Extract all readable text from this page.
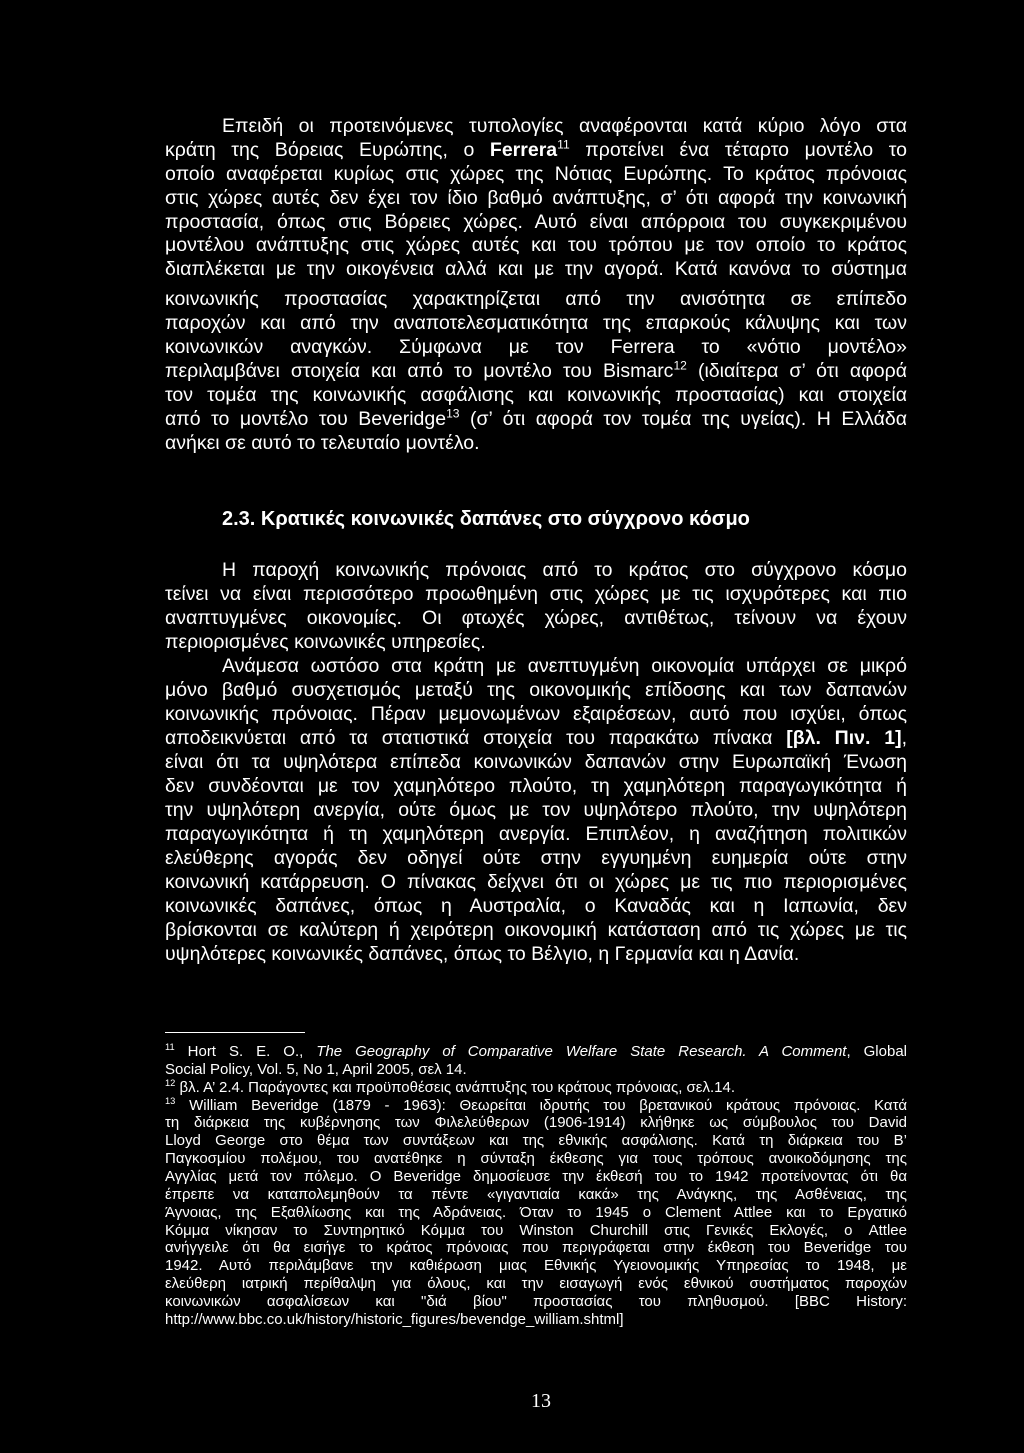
Επειδή οι προτεινόμενες τυπολογίες αναφέρονται κατά κύριο λόγο στα
κράτη της Βόρειας Ευρώπης, ο Ferrera$^{11}$ προτείνει ένα τέταρτο μοντέλο το
οποίο αναφέρεται κυρίως στις χώρες της Νότιας Ευρώπης. Το κράτος πρόνοιας
στις χώρες αυτές δεν έχει τον ίδιο βαθμό ανάπτυξης, σ’ ότι αφορά την κοινωνική
προστασία, όπως στις Βόρειες χώρες. Αυτό είναι απόρροια του συγκεκριμένου
μοντέλου ανάπτυξης στις χώρες αυτές και του τρόπου με τον οποίο το κράτος
διαπλέκεται με την οικογένεια αλλά και με την αγορά. Κατά κανόνα το σύστημα
κοινωνικής προστασίας χαρακτηρίζεται από την ανισότητα σε επίπεδο
παροχών και από την αναποτελεσματικότητα της επαρκούς κάλυψης και των
κοινωνικών αναγκών. Σύμφωνα με τον Ferrera το «νότιο μοντέλο»
περιλαμβάνει στοιχεία και από το μοντέλο του Bismarc$^{12}$ (ιδιαίτερα σ’ ότι αφορά
τον τομέα της κοινωνικής ασφάλισης και κοινωνικής προστασίας) και στοιχεία
από το μοντέλο του Beveridge$^{13}$ (σ’ ότι αφορά τον τομέα της υγείας). Η Ελλάδα
ανήκει σε αυτό το τελευταίο μοντέλο.
2.3. Κρατικές κοινωνικές δαπάνες στο σύγχρονο κόσμο
Η παροχή κοινωνικής πρόνοιας από το κράτος στο σύγχρονο κόσμο
τείνει να είναι περισσότερο προωθημένη στις χώρες με τις ισχυρότερες και πιο
αναπτυγμένες οικονομίες. Οι φτωχές χώρες, αντιθέτως, τείνουν να έχουν
περιορισμένες κοινωνικές υπηρεσίες.
Ανάμεσα ωστόσο στα κράτη με ανεπτυγμένη οικονομία υπάρχει σε μικρό
μόνο βαθμό συσχετισμός μεταξύ της οικονομικής επίδοσης και των δαπανών
κοινωνικής πρόνοιας. Πέραν μεμονωμένων εξαιρέσεων, αυτό που ισχύει, όπως
αποδεικνύεται από τα στατιστικά στοιχεία του παρακάτω πίνακα [βλ. Πιν. 1],
είναι ότι τα υψηλότερα επίπεδα κοινωνικών δαπανών στην Ευρωπαϊκή Ένωση
δεν συνδέονται με τον χαμηλότερο πλούτο, τη χαμηλότερη παραγωγικότητα ή
την υψηλότερη ανεργία, ούτε όμως με τον υψηλότερο πλούτο, την υψηλότερη
παραγωγικότητα ή τη χαμηλότερη ανεργία. Επιπλέον, η αναζήτηση πολιτικών
ελεύθερης αγοράς δεν οδηγεί ούτε στην εγγυημένη ευημερία ούτε στην
κοινωνική κατάρρευση. Ο πίνακας δείχνει ότι οι χώρες με τις πιο περιορισμένες
κοινωνικές δαπάνες, όπως η Αυστραλία, ο Καναδάς και η Ιαπωνία, δεν
βρίσκονται σε καλύτερη ή χειρότερη οικονομική κατάσταση από τις χώρες με τις
υψηλότερες κοινωνικές δαπάνες, όπως το Βέλγιο, η Γερμανία και η Δανία.
$^{11}$ Hort S. E. O., The Geography of Comparative Welfare State Research. A Comment, Global
Social Policy, Vol. 5, No 1, April 2005, σελ 14.
$^{12}$ βλ. Α’ 2.4. Παράγοντες και προϋποθέσεις ανάπτυξης του κράτους πρόνοιας, σελ.14.
$^{13}$ William Beveridge (1879 - 1963): Θεωρείται ιδρυτής του βρετανικού κράτους πρόνοιας. Κατά
τη διάρκεια της κυβέρνησης των Φιλελεύθερων (1906-1914) κλήθηκε ως σύμβουλος του David
Lloyd George στο θέμα των συντάξεων και της εθνικής ασφάλισης. Κατά τη διάρκεια του Β’
Παγκοσμίου πολέμου, του ανατέθηκε η σύνταξη έκθεσης για τους τρόπους ανοικοδόμησης της
Αγγλίας μετά τον πόλεμο. Ο Beveridge δημοσίευσε την έκθεσή του το 1942 προτείνοντας ότι θα
έπρεπε να καταπολεμηθούν τα πέντε «γιγαντιαία κακά» της Ανάγκης, της Ασθένειας, της
Άγνοιας, της Εξαθλίωσης και της Αδράνειας. Όταν το 1945 ο Clement Attlee και το Εργατικό
Κόμμα νίκησαν το Συντηρητικό Κόμμα του Winston Churchill στις Γενικές Εκλογές, ο Attlee
ανήγγειλε ότι θα εισήγε το κράτος πρόνοιας που περιγράφεται στην έκθεση του Beveridge του
1942. Αυτό περιλάμβανε την καθιέρωση μιας Εθνικής Υγειονομικής Υπηρεσίας το 1948, με
ελεύθερη ιατρική περίθαλψη για όλους, και την εισαγωγή ενός εθνικού συστήματος παροχών
κοινωνικών ασφαλίσεων και "διά βίου" προστασίας του πληθυσμού. [BBC History:
http://www.bbc.co.uk/history/historic_figures/bevendge_william.shtml]
13
